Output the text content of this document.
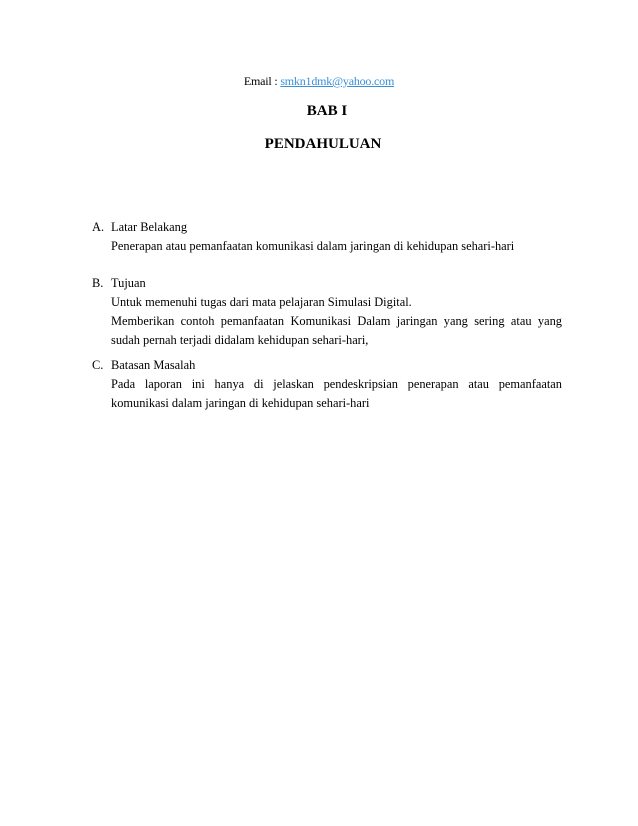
Email : smkn1dmk@yahoo.com
BAB I
PENDAHULUAN
A. Latar Belakang
Penerapan atau pemanfaatan komunikasi dalam jaringan di kehidupan sehari-hari
B. Tujuan
Untuk memenuhi tugas dari mata pelajaran Simulasi Digital.
Memberikan contoh pemanfaatan Komunikasi Dalam jaringan yang sering atau yang
sudah pernah terjadi didalam kehidupan sehari-hari,
C. Batasan Masalah
Pada laporan ini hanya di jelaskan pendeskripsian penerapan atau pemanfaatan
komunikasi dalam jaringan di kehidupan sehari-hari
